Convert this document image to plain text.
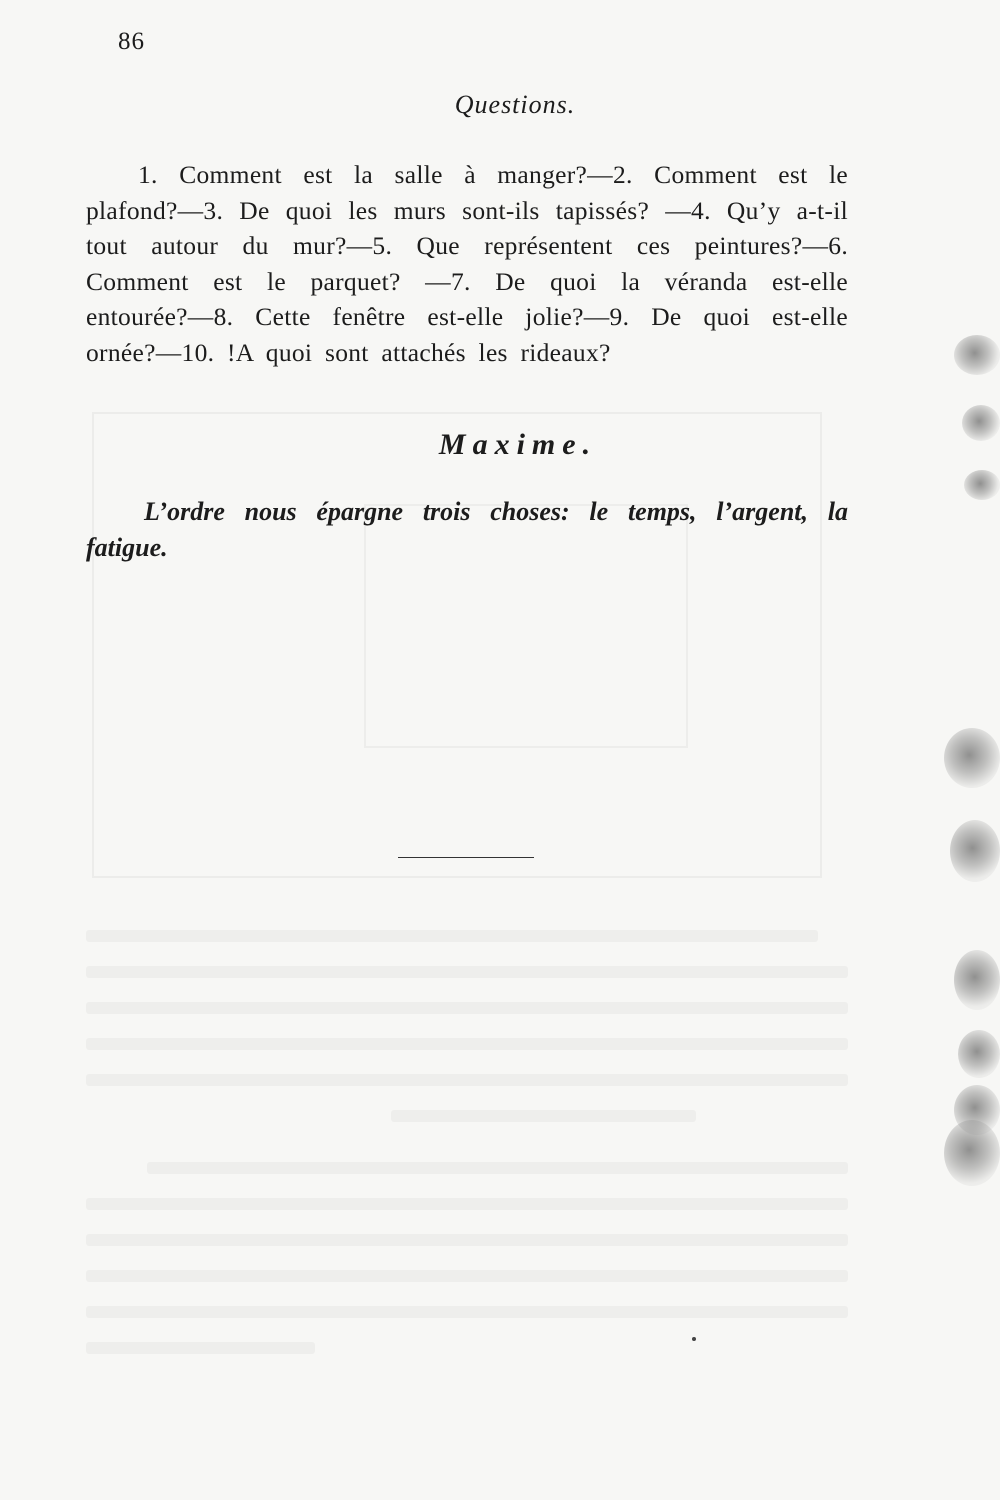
86
Questions.
1. Comment est la salle à manger?—2. Comment est le plafond?—3. De quoi les murs sont-ils tapissés? —4. Qu’y a-t-il tout autour du mur?—5. Que représentent ces peintures?—6. Comment est le parquet? —7. De quoi la véranda est-elle entourée?—8. Cette fenêtre est-elle jolie?—9. De quoi est-elle ornée?—10. !A quoi sont attachés les rideaux?
Maxime.
L’ordre nous épargne trois choses: le temps, l’argent, la fatigue.
